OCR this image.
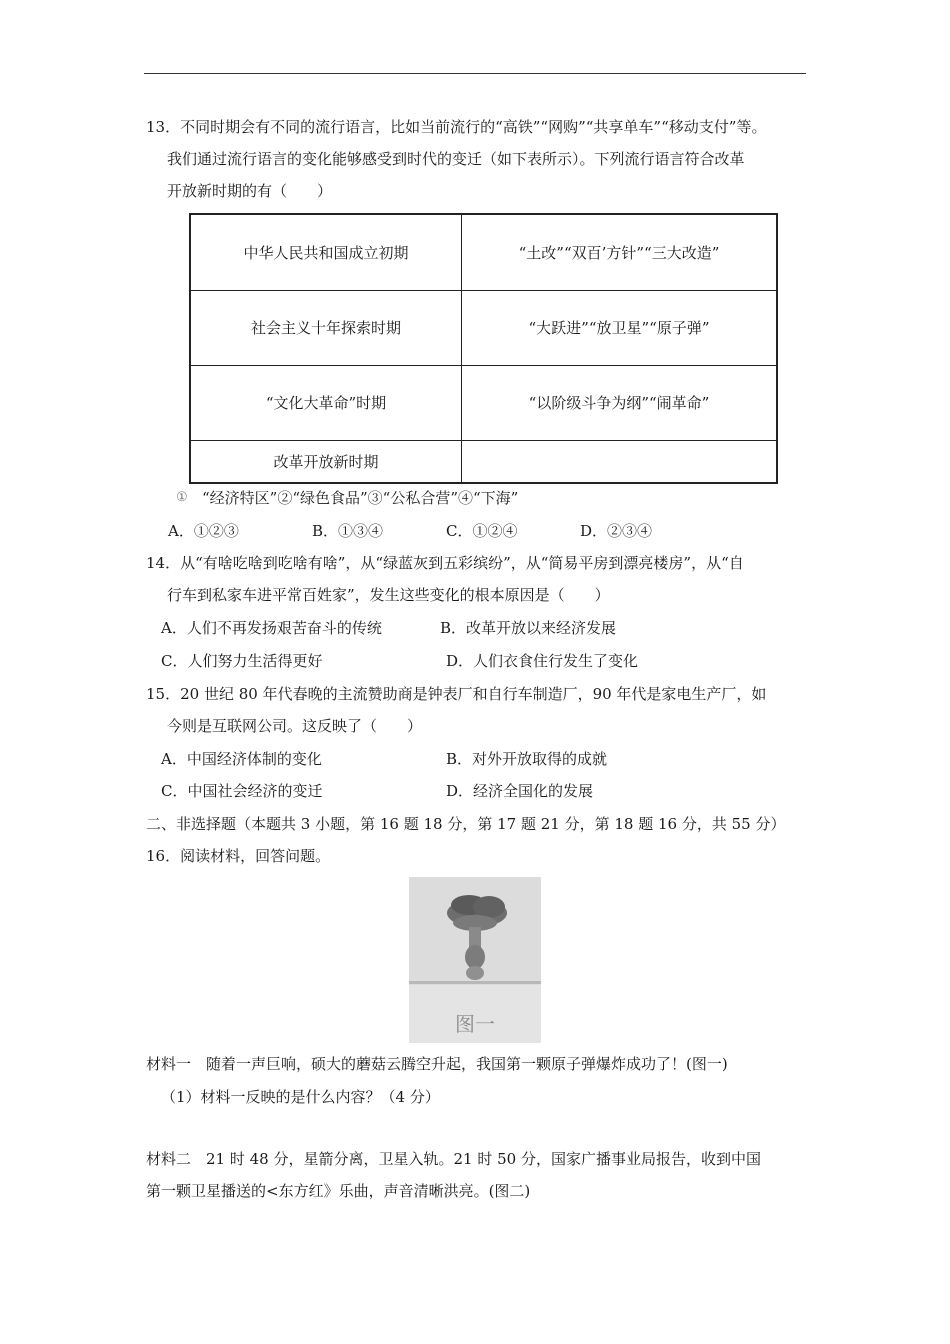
13．不同时期会有不同的流行语言，比如当前流行的“高铁”“网购”“共享单车”“移动支付”等。
我们通过流行语言的变化能够感受到时代的变迁（如下表所示）。下列流行语言符合改革
开放新时期的有（　　）
中华人民共和国成立初期	“土改”“双百’方针”“三大改造”
社会主义十年探索时期	“大跃进”“放卫星”“原子弹”
“文化大革命”时期	“以阶级斗争为纲”“闹革命”
改革开放新时期	
① “经济特区”②“绿色食品”③“公私合营”④“下海”
A．①②③	B．①③④	C．①②④	D．②③④
14．从“有啥吃啥到吃啥有啥”，从“绿蓝灰到五彩缤纷”，从“简易平房到漂亮楼房”，从“自
行车到私家车进平常百姓家”，发生这些变化的根本原因是（　　）
A．人们不再发扬艰苦奋斗的传统	B．改革开放以来经济发展
C．人们努力生活得更好	D．人们衣食住行发生了变化
15．20 世纪 80 年代春晚的主流赞助商是钟表厂和自行车制造厂，90 年代是家电生产厂，如
今则是互联网公司。这反映了（　　）
A．中国经济体制的变化	B．对外开放取得的成就
C．中国社会经济的变迁	D．经济全国化的发展
二、非选择题（本题共 3 小题，第 16 题 18 分，第 17 题 21 分，第 18 题 16 分，共 55 分）
16．阅读材料，回答问题。
图一
材料一　随着一声巨响，硕大的蘑菇云腾空升起，我国第一颗原子弹爆炸成功了！(图一)
（1）材料一反映的是什么内容？（4 分）
材料二　21 时 48 分，星箭分离，卫星入轨。21 时 50 分，国家广播事业局报告，收到中国
第一颗卫星播送的<东方红》乐曲，声音清晰洪亮。(图二)
